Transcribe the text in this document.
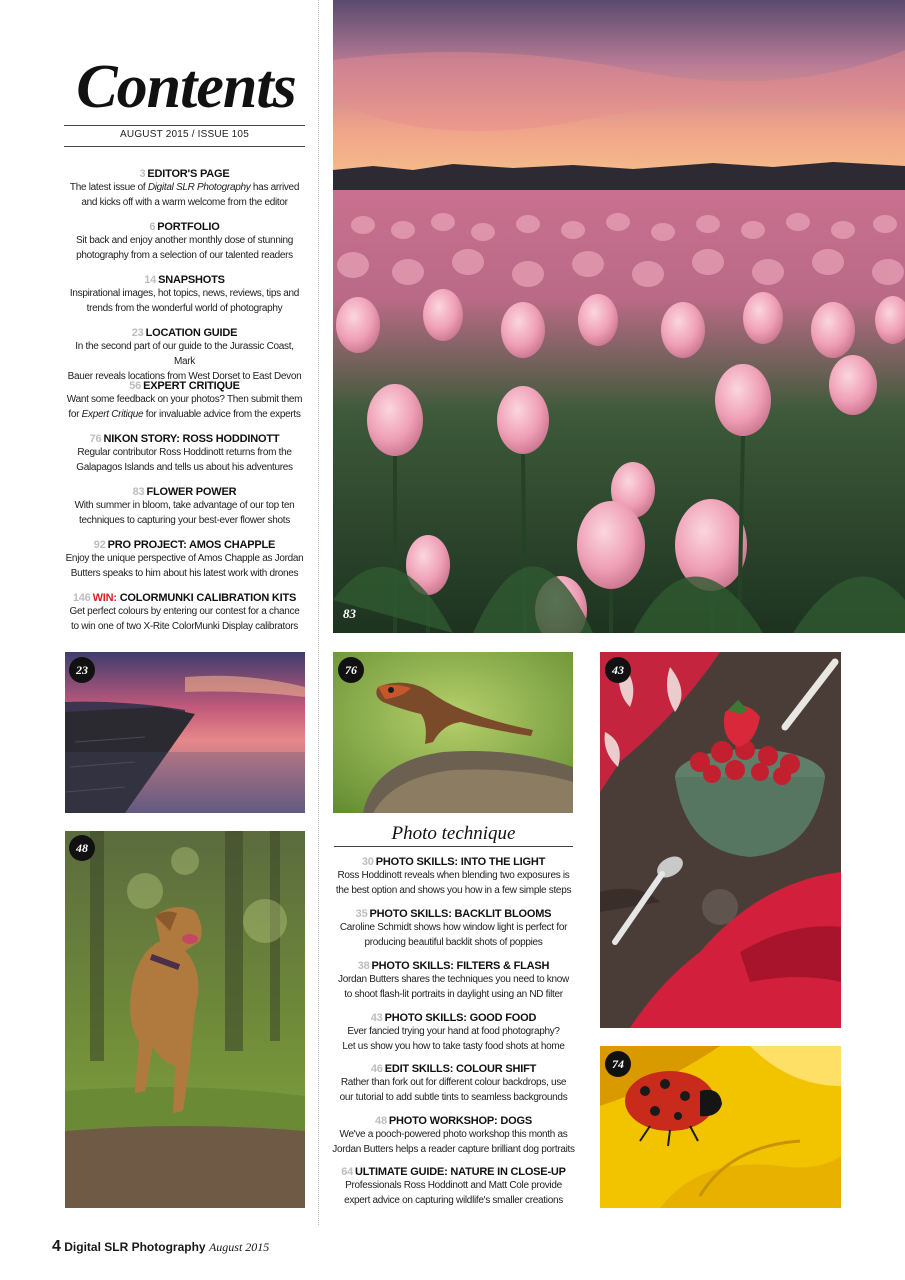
Contents
AUGUST 2015 / ISSUE 105
3 EDITOR'S PAGE
The latest issue of Digital SLR Photography has arrived
and kicks off with a warm welcome from the editor
6 PORTFOLIO
Sit back and enjoy another monthly dose of stunning
photography from a selection of our talented readers
14 SNAPSHOTS
Inspirational images, hot topics, news, reviews, tips and
trends from the wonderful world of photography
23 LOCATION GUIDE
In the second part of our guide to the Jurassic Coast, Mark
Bauer reveals locations from West Dorset to East Devon
56 EXPERT CRITIQUE
Want some feedback on your photos? Then submit them
for Expert Critique for invaluable advice from the experts
76 NIKON STORY: ROSS HODDINOTT
Regular contributor Ross Hoddinott returns from the
Galapagos Islands and tells us about his adventures
83 FLOWER POWER
With summer in bloom, take advantage of our top ten
techniques to capturing your best-ever flower shots
92 PRO PROJECT: AMOS CHAPPLE
Enjoy the unique perspective of Amos Chapple as Jordan
Butters speaks to him about his latest work with drones
146 WIN: COLORMUNKI CALIBRATION KITS
Get perfect colours by entering our contest for a chance
to win one of two X-Rite ColorMunki Display calibrators
83
23	76	43
48
74
Photo technique
30 PHOTO SKILLS: INTO THE LIGHT
Ross Hoddinott reveals when blending two exposures is
the best option and shows you how in a few simple steps
35 PHOTO SKILLS: BACKLIT BLOOMS
Caroline Schmidt shows how window light is perfect for
producing beautiful backlit shots of poppies
38 PHOTO SKILLS: FILTERS & FLASH
Jordan Butters shares the techniques you need to know
to shoot flash-lit portraits in daylight using an ND filter
43 PHOTO SKILLS: GOOD FOOD
Ever fancied trying your hand at food photography?
Let us show you how to take tasty food shots at home
46 EDIT SKILLS: COLOUR SHIFT
Rather than fork out for different colour backdrops, use
our tutorial to add subtle tints to seamless backgrounds
48 PHOTO WORKSHOP: DOGS
We've a pooch-powered photo workshop this month as
Jordan Butters helps a reader capture brilliant dog portraits
64 ULTIMATE GUIDE: NATURE IN CLOSE-UP
Professionals Ross Hoddinott and Matt Cole provide
expert advice on capturing wildlife's smaller creations
4 Digital SLR Photography August 2015
